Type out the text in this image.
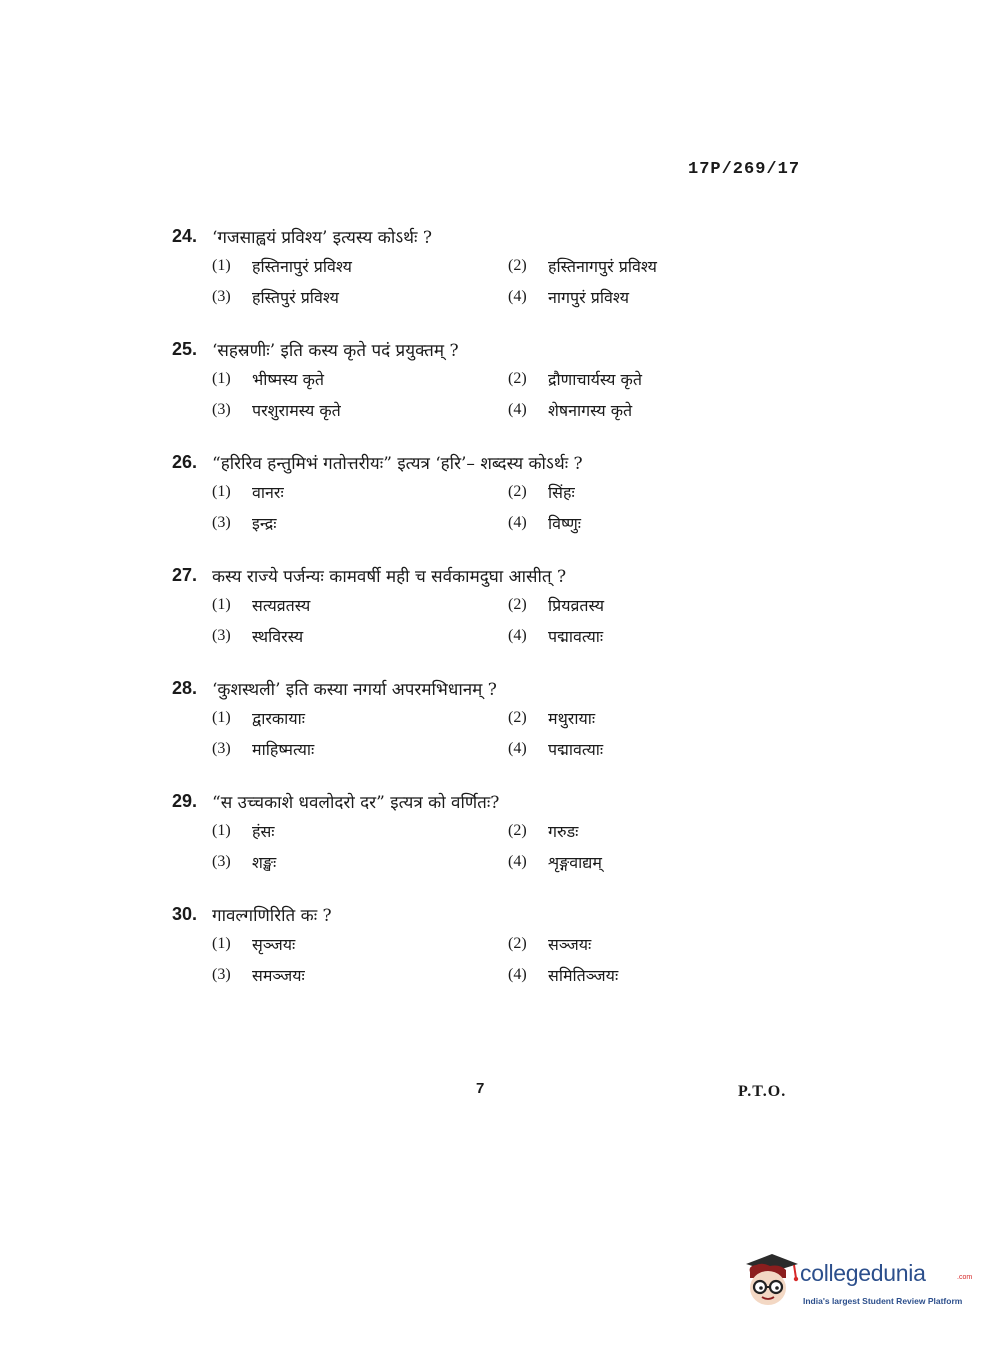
17P/269/17
24. ‘गजसाह्वयं प्रविश्य’ इत्यस्य कोऽर्थः ?
(1)	हस्तिनापुरं प्रविश्य	(2)	हस्तिनागपुरं प्रविश्य
(3)	हस्तिपुरं प्रविश्य	(4)	नागपुरं प्रविश्य
25. ‘सहस्रणीः’ इति कस्य कृते पदं प्रयुक्तम् ?
(1)	भीष्मस्य कृते	(2)	द्रौणाचार्यस्य कृते
(3)	परशुरामस्य कृते	(4)	शेषनागस्य कृते
26. “हरिरिव हन्तुमिभं गतोत्तरीयः” इत्यत्र ‘हरि’– शब्दस्य कोऽर्थः ?
(1)	वानरः	(2)	सिंहः
(3)	इन्द्रः	(4)	विष्णुः
27. कस्य राज्ये पर्जन्यः कामवर्षी मही च सर्वकामदुघा आसीत् ?
(1)	सत्यव्रतस्य	(2)	प्रियव्रतस्य
(3)	स्थविरस्य	(4)	पद्मावत्याः
28. ‘कुशस्थली’ इति कस्या नगर्या अपरमभिधानम् ?
(1)	द्वारकायाः	(2)	मथुरायाः
(3)	माहिष्मत्याः	(4)	पद्मावत्याः
29. “स उच्चकाशे धवलोदरो दर” इत्यत्र को वर्णितः?
(1)	हंसः	(2)	गरुडः
(3)	शङ्खः	(4)	शृङ्गवाद्यम्
30. गावल्गणिरिति कः ?
(1)	सृञ्जयः	(2)	सञ्जयः
(3)	समञ्जयः	(4)	समितिञ्जयः
7	P.T.O.
collegedunia	.com
India's largest Student Review Platform
